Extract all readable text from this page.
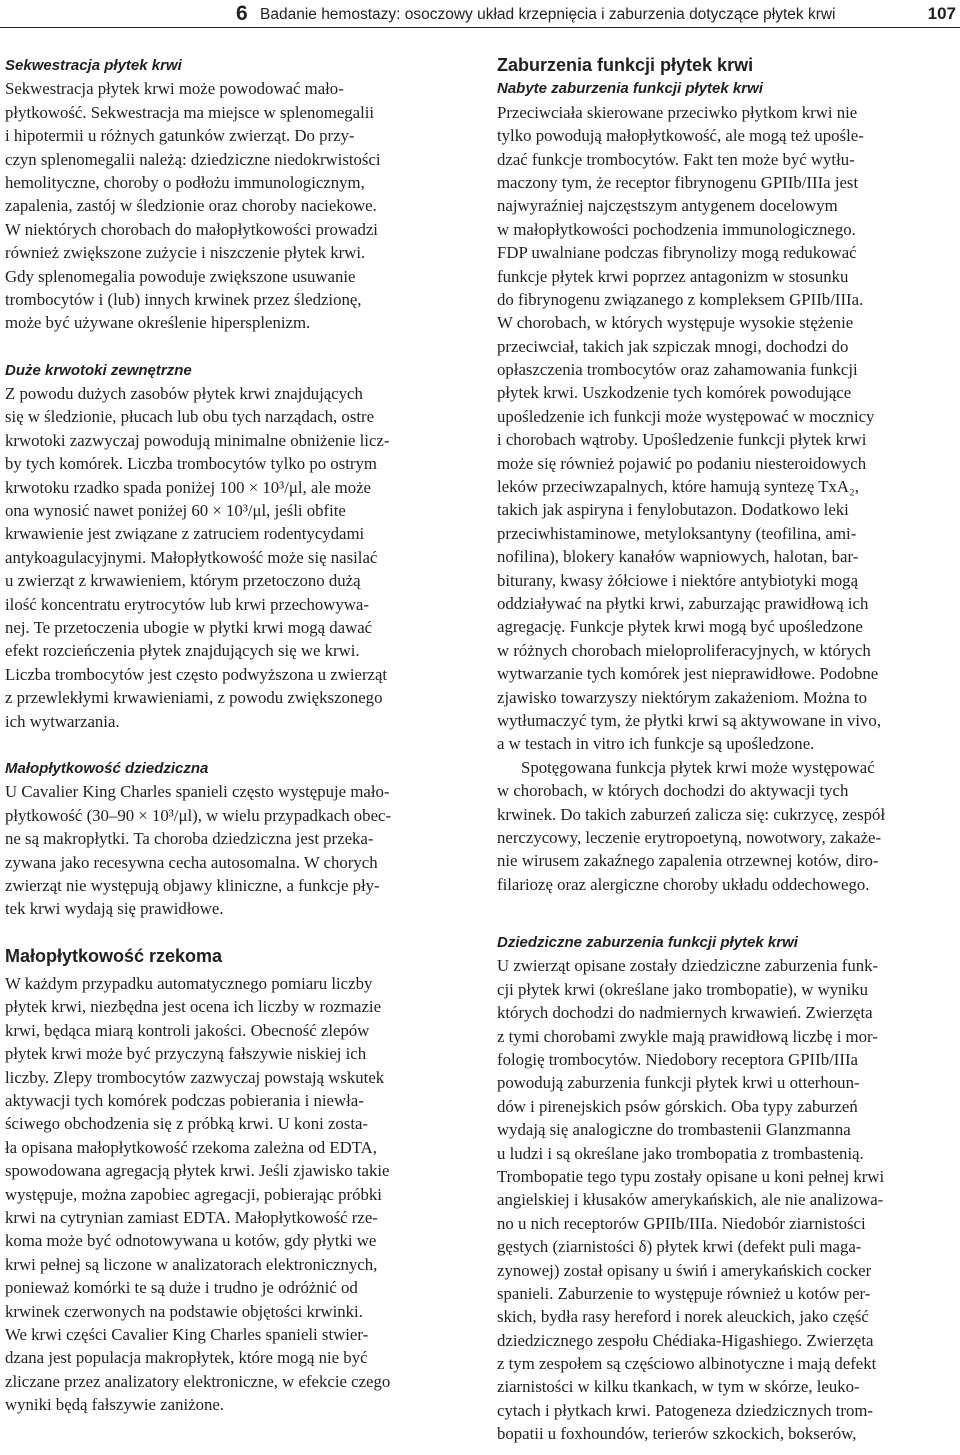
6 Badanie hemostazy: osoczowy układ krzepnięcia i zaburzenia dotyczące płytek krwi	107
Sekwestracja płytek krwi
Sekwestracja płytek krwi może powodować mało-
płytkowość. Sekwestracja ma miejsce w splenomegalii
i hipotermii u różnych gatunków zwierząt. Do przy-
czyn splenomegalii należą: dziedziczne niedokrwistości
hemolityczne, choroby o podłożu immunologicznym,
zapalenia, zastój w śledzionie oraz choroby naciekowe.
W niektórych chorobach do małopłytkowości prowadzi
również zwiększone zużycie i niszczenie płytek krwi.
Gdy splenomegalia powoduje zwiększone usuwanie
trombocytów i (lub) innych krwinek przez śledzionę,
może być używane określenie hipersplenizm.
Duże krwotoki zewnętrzne
Z powodu dużych zasobów płytek krwi znajdujących
się w śledzionie, płucach lub obu tych narządach, ostre
krwotoki zazwyczaj powodują minimalne obniżenie licz-
by tych komórek. Liczba trombocytów tylko po ostrym
krwotoku rzadko spada poniżej 100 × 10³/μl, ale może
ona wynosić nawet poniżej 60 × 10³/μl, jeśli obfite
krwawienie jest związane z zatruciem rodentycydami
antykoagulacyjnymi. Małopłytkowość może się nasilać
u zwierząt z krwawieniem, którym przetoczono dużą
ilość koncentratu erytrocytów lub krwi przechowywa-
nej. Te przetoczenia ubogie w płytki krwi mogą dawać
efekt rozcieńczenia płytek znajdujących się we krwi.
Liczba trombocytów jest często podwyższona u zwierząt
z przewlekłymi krwawieniami, z powodu zwiększonego
ich wytwarzania.
Małopłytkowość dziedziczna
U Cavalier King Charles spanieli często występuje mało-
płytkowość (30–90 × 10³/μl), w wielu przypadkach obec-
ne są makropłytki. Ta choroba dziedziczna jest przeka-
zywana jako recesywna cecha autosomalna. W chorych
zwierząt nie występują objawy kliniczne, a funkcje pły-
tek krwi wydają się prawidłowe.
Małopłytkowość rzekoma
W każdym przypadku automatycznego pomiaru liczby
płytek krwi, niezbędna jest ocena ich liczby w rozmazie
krwi, będąca miarą kontroli jakości. Obecność zlepów
płytek krwi może być przyczyną fałszywie niskiej ich
liczby. Zlepy trombocytów zazwyczaj powstają wskutek
aktywacji tych komórek podczas pobierania i niewła-
ściwego obchodzenia się z próbką krwi. U koni zosta-
ła opisana małopłytkowość rzekoma zależna od EDTA,
spowodowana agregacją płytek krwi. Jeśli zjawisko takie
występuje, można zapobiec agregacji, pobierając próbki
krwi na cytrynian zamiast EDTA. Małopłytkowość rze-
koma może być odnotowywana u kotów, gdy płytki we
krwi pełnej są liczone w analizatorach elektronicznych,
ponieważ komórki te są duże i trudno je odróżnić od
krwinek czerwonych na podstawie objętości krwinki.
We krwi części Cavalier King Charles spanieli stwier-
dzana jest populacja makropłytek, które mogą nie być
zliczane przez analizatory elektroniczne, w efekcie czego
wyniki będą fałszywie zaniżone.
Zaburzenia funkcji płytek krwi
Nabyte zaburzenia funkcji płytek krwi
Przeciwciała skierowane przeciwko płytkom krwi nie
tylko powodują małopłytkowość, ale mogą też upośle-
dzać funkcje trombocytów. Fakt ten może być wytłu-
maczony tym, że receptor fibrynogenu GPIIb/IIIa jest
najwyraźniej najczęstszym antygenem docelowym
w małopłytkowości pochodzenia immunologicznego.
FDP uwalniane podczas fibrynolizy mogą redukować
funkcje płytek krwi poprzez antagonizm w stosunku
do fibrynogenu związanego z kompleksem GPIIb/IIIa.
W chorobach, w których występuje wysokie stężenie
przeciwciał, takich jak szpiczak mnogi, dochodzi do
opłaszczenia trombocytów oraz zahamowania funkcji
płytek krwi. Uszkodzenie tych komórek powodujące
upośledzenie ich funkcji może występować w mocznicy
i chorobach wątroby. Upośledzenie funkcji płytek krwi
może się również pojawić po podaniu niesteroidowych
leków przeciwzapalnych, które hamują syntezę TxA₂,
takich jak aspiryna i fenylobutazon. Dodatkowo leki
przeciwhistaminowe, metyloksantyny (teofilina, ami-
nofilina), blokery kanałów wapniowych, halotan, bar-
biturany, kwasy żółciowe i niektóre antybiotyki mogą
oddziaływać na płytki krwi, zaburzając prawidłową ich
agregację. Funkcje płytek krwi mogą być upośledzone
w różnych chorobach mieloproliferacyjnych, w których
wytwarzanie tych komórek jest nieprawidłowe. Podobne
zjawisko towarzyszy niektórym zakażeniom. Można to
wytłumaczyć tym, że płytki krwi są aktywowane in vivo,
a w testach in vitro ich funkcje są upośledzone.
Spotęgowana funkcja płytek krwi może występować
w chorobach, w których dochodzi do aktywacji tych
krwinek. Do takich zaburzeń zalicza się: cukrzycę, zespół
nerczycowy, leczenie erytropoetyną, nowotwory, zakaże-
nie wirusem zakaźnego zapalenia otrzewnej kotów, diro-
filariozę oraz alergiczne choroby układu oddechowego.
Dziedziczne zaburzenia funkcji płytek krwi
U zwierząt opisane zostały dziedziczne zaburzenia funk-
cji płytek krwi (określane jako trombopatie), w wyniku
których dochodzi do nadmiernych krwawień. Zwierzęta
z tymi chorobami zwykle mają prawidłową liczbę i mor-
fologię trombocytów. Niedobory receptora GPIIb/IIIa
powodują zaburzenia funkcji płytek krwi u otterhoun-
dów i pirenejskich psów górskich. Oba typy zaburzeń
wydają się analogiczne do trombastenii Glanzmanna
u ludzi i są określane jako trombopatia z trombastenią.
Trombopatie tego typu zostały opisane u koni pełnej krwi
angielskiej i kłusaków amerykańskich, ale nie analizowa-
no u nich receptorów GPIIb/IIIa. Niedobór ziarnistości
gęstych (ziarnistości δ) płytek krwi (defekt puli maga-
zynowej) został opisany u świń i amerykańskich cocker
spanieli. Zaburzenie to występuje również u kotów per-
skich, bydła rasy hereford i norek aleuckich, jako część
dziedzicznego zespołu Chédiaka-Higashiego. Zwierzęta
z tym zespołem są częściowo albinotyczne i mają defekt
ziarnistości w kilku tkankach, w tym w skórze, leuko-
cytach i płytkach krwi. Patogeneza dziedzicznych trom-
bopatii u foxhoundów, terierów szkockich, bokserów,
